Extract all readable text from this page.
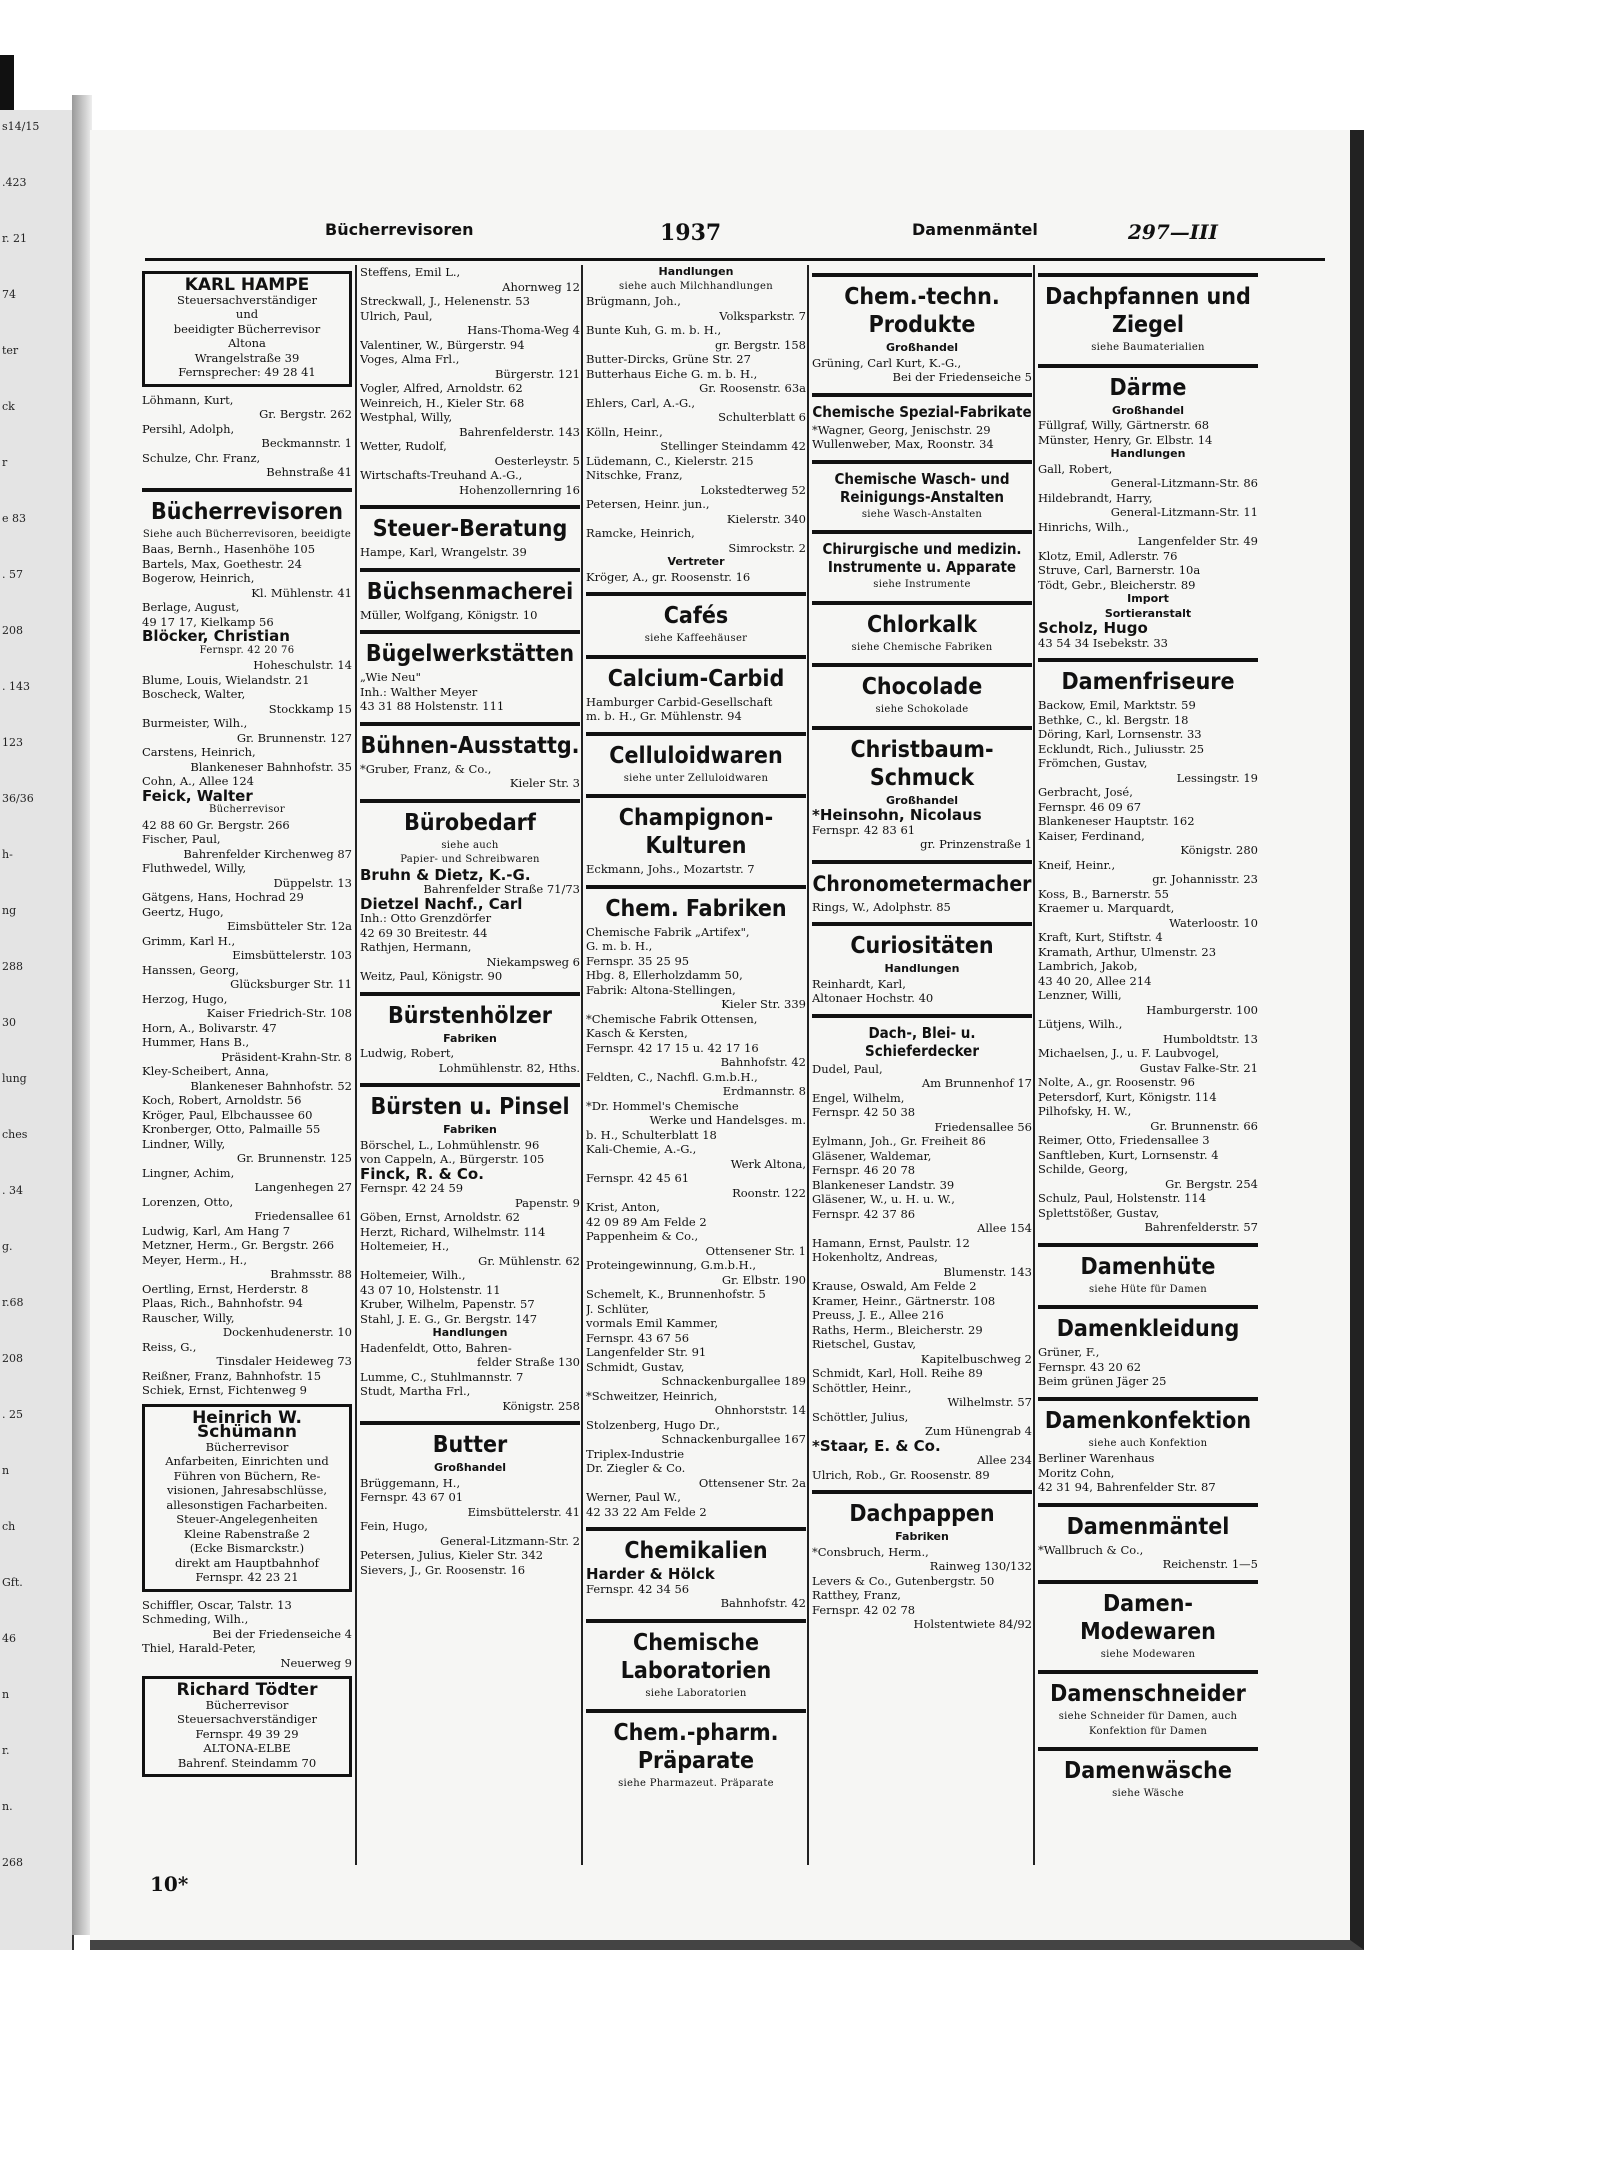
s14/15
.423
r. 21
74
ter
ck
r
e 83
. 57
208
. 143
123
36/36
h-
ng
288
30
lung
ches
. 34
g.
r.68
208
. 25
n
ch
Gft.
46
n
r.
n.
268
Bücherrevisoren	1937	Damenmäntel	297—III
KARL HAMPE
Steuersachverständiger
und
beeidigter Bücherrevisor
Altona
Wrangelstraße 39
Fernsprecher: 49 28 41
Löhmann, Kurt,
Gr. Bergstr. 262
Persihl, Adolph,
Beckmannstr. 1
Schulze, Chr. Franz,
Behnstraße 41
Bücherrevisoren
Siehe auch Bücherrevisoren, beeidigte
Baas, Bernh., Hasenhöhe 105
Bartels, Max, Goethestr. 24
Bogerow, Heinrich,
Kl. Mühlenstr. 41
Berlage, August,
49 17 17, Kielkamp 56
Blöcker, Christian
Fernspr. 42 20 76
Hoheschulstr. 14
Blume, Louis, Wielandstr. 21
Boscheck, Walter,
Stockkamp 15
Burmeister, Wilh.,
Gr. Brunnenstr. 127
Carstens, Heinrich,
Blankeneser Bahnhofstr. 35
Cohn, A., Allee 124
Feick, Walter
Bücherrevisor
42 88 60 Gr. Bergstr. 266
Fischer, Paul,
Bahrenfelder Kirchenweg 87
Fluthwedel, Willy,
Düppelstr. 13
Gätgens, Hans, Hochrad 29
Geertz, Hugo,
Eimsbütteler Str. 12a
Grimm, Karl H.,
Eimsbüttelerstr. 103
Hanssen, Georg,
Glücksburger Str. 11
Herzog, Hugo,
Kaiser Friedrich-Str. 108
Horn, A., Bolivarstr. 47
Hummer, Hans B.,
Präsident-Krahn-Str. 8
Kley-Scheibert, Anna,
Blankeneser Bahnhofstr. 52
Koch, Robert, Arnoldstr. 56
Kröger, Paul, Elbchaussee 60
Kronberger, Otto, Palmaille 55
Lindner, Willy,
Gr. Brunnenstr. 125
Lingner, Achim,
Langenhegen 27
Lorenzen, Otto,
Friedensallee 61
Ludwig, Karl, Am Hang 7
Metzner, Herm., Gr. Bergstr. 266
Meyer, Herm., H.,
Brahmsstr. 88
Oertling, Ernst, Herderstr. 8
Plaas, Rich., Bahnhofstr. 94
Rauscher, Willy,
Dockenhudenerstr. 10
Reiss, G.,
Tinsdaler Heideweg 73
Reißner, Franz, Bahnhofstr. 15
Schiek, Ernst, Fichtenweg 9
Heinrich W. Schümann
Bücherrevisor
Anfarbeiten, Einrichten und
Führen von Büchern, Re-
visionen, Jahresabschlüsse,
allesonstigen Facharbeiten.
Steuer-Angelegenheiten
Kleine Rabenstraße 2
(Ecke Bismarckstr.)
direkt am Hauptbahnhof
Fernspr. 42 23 21
Schiffler, Oscar, Talstr. 13
Schmeding, Wilh.,
Bei der Friedenseiche 4
Thiel, Harald-Peter,
Neuerweg 9
Richard Tödter
Bücherrevisor
Steuersachverständiger
Fernspr. 49 39 29
ALTONA-ELBE
Bahrenf. Steindamm 70
Steffens, Emil L.,
Ahornweg 12
Streckwall, J., Helenenstr. 53
Ulrich, Paul,
Hans-Thoma-Weg 4
Valentiner, W., Bürgerstr. 94
Voges, Alma Frl.,
Bürgerstr. 121
Vogler, Alfred, Arnoldstr. 62
Weinreich, H., Kieler Str. 68
Westphal, Willy,
Bahrenfelderstr. 143
Wetter, Rudolf,
Oesterleystr. 5
Wirtschafts-Treuhand A.-G.,
Hohenzollernring 16
Steuer-Beratung
Hampe, Karl, Wrangelstr. 39
Büchsenmacherei
Müller, Wolfgang, Königstr. 10
Bügelwerkstätten
„Wie Neu"
Inh.: Walther Meyer
43 31 88 Holstenstr. 111
Bühnen-Ausstattg.
*Gruber, Franz, & Co.,
Kieler Str. 3
Bürobedarf
siehe auch
Papier- und Schreibwaren
Bruhn & Dietz, K.-G.
Bahrenfelder Straße 71/73
Dietzel Nachf., Carl
Inh.: Otto Grenzdörfer
42 69 30 Breitestr. 44
Rathjen, Hermann,
Niekampsweg 6
Weitz, Paul, Königstr. 90
Bürstenhölzer
Fabriken
Ludwig, Robert,
Lohmühlenstr. 82, Hths.
Bürsten u. Pinsel
Fabriken
Börschel, L., Lohmühlenstr. 96
von Cappeln, A., Bürgerstr. 105
Finck, R. & Co.
Fernspr. 42 24 59
Papenstr. 9
Göben, Ernst, Arnoldstr. 62
Herzt, Richard, Wilhelmstr. 114
Holtemeier, H.,
Gr. Mühlenstr. 62
Holtemeier, Wilh.,
43 07 10, Holstenstr. 11
Kruber, Wilhelm, Papenstr. 57
Stahl, J. E. G., Gr. Bergstr. 147
Handlungen
Hadenfeldt, Otto, Bahren-
felder Straße 130
Lumme, C., Stuhlmannstr. 7
Studt, Martha Frl.,
Königstr. 258
Butter
Großhandel
Brüggemann, H.,
Fernspr. 43 67 01
Eimsbüttelerstr. 41
Fein, Hugo,
General-Litzmann-Str. 2
Petersen, Julius, Kieler Str. 342
Sievers, J., Gr. Roosenstr. 16
Handlungen
siehe auch Milchhandlungen
Brügmann, Joh.,
Volksparkstr. 7
Bunte Kuh, G. m. b. H.,
gr. Bergstr. 158
Butter-Dircks, Grüne Str. 27
Butterhaus Eiche G. m. b. H.,
Gr. Roosenstr. 63a
Ehlers, Carl, A.-G.,
Schulterblatt 6
Kölln, Heinr.,
Stellinger Steindamm 42
Lüdemann, C., Kielerstr. 215
Nitschke, Franz,
Lokstedterweg 52
Petersen, Heinr. jun.,
Kielerstr. 340
Ramcke, Heinrich,
Simrockstr. 2
Vertreter
Kröger, A., gr. Roosenstr. 16
Cafés
siehe Kaffeehäuser
Calcium-Carbid
Hamburger Carbid-Gesellschaft
m. b. H., Gr. Mühlenstr. 94
Celluloidwaren
siehe unter Zelluloidwaren
Champignon-Kulturen
Eckmann, Johs., Mozartstr. 7
Chem. Fabriken
Chemische Fabrik „Artifex",
G. m. b. H.,
Fernspr. 35 25 95
Hbg. 8, Ellerholzdamm 50,
Fabrik: Altona-Stellingen,
Kieler Str. 339
*Chemische Fabrik Ottensen,
Kasch & Kersten,
Fernspr. 42 17 15 u. 42 17 16
Bahnhofstr. 42
Feldten, C., Nachfl. G.m.b.H.,
Erdmannstr. 8
*Dr. Hommel's Chemische
Werke und Handelsges. m.
b. H., Schulterblatt 18
Kali-Chemie, A.-G.,
Werk Altona,
Fernspr. 42 45 61
Roonstr. 122
Krist, Anton,
42 09 89 Am Felde 2
Pappenheim & Co.,
Ottensener Str. 1
Proteingewinnung, G.m.b.H.,
Gr. Elbstr. 190
Schemelt, K., Brunnenhofstr. 5
J. Schlüter,
vormals Emil Kammer,
Fernspr. 43 67 56
Langenfelder Str. 91
Schmidt, Gustav,
Schnackenburgallee 189
*Schweitzer, Heinrich,
Ohnhorststr. 14
Stolzenberg, Hugo Dr.,
Schnackenburgallee 167
Triplex-Industrie
Dr. Ziegler & Co.
Ottensener Str. 2a
Werner, Paul W.,
42 33 22 Am Felde 2
Chemikalien
Harder & Hölck
Fernspr. 42 34 56
Bahnhofstr. 42
Chemische Laboratorien
siehe Laboratorien
Chem.-pharm. Präparate
siehe Pharmazeut. Präparate
Chem.-techn. Produkte
Großhandel
Grüning, Carl Kurt, K.-G.,
Bei der Friedenseiche 5
Chemische Spezial-Fabrikate
*Wagner, Georg, Jenischstr. 29
Wullenweber, Max, Roonstr. 34
Chemische Wasch- und Reinigungs-Anstalten
siehe Wasch-Anstalten
Chirurgische und medizin. Instrumente u. Apparate
siehe Instrumente
Chlorkalk
siehe Chemische Fabriken
Chocolade
siehe Schokolade
Christbaum-Schmuck
Großhandel
*Heinsohn, Nicolaus
Fernspr. 42 83 61
gr. Prinzenstraße 1
Chronometermacher
Rings, W., Adolphstr. 85
Curiositäten
Handlungen
Reinhardt, Karl,
Altonaer Hochstr. 40
Dach-, Blei- u. Schieferdecker
Dudel, Paul,
Am Brunnenhof 17
Engel, Wilhelm,
Fernspr. 42 50 38
Friedensallee 56
Eylmann, Joh., Gr. Freiheit 86
Gläsener, Waldemar,
Fernspr. 46 20 78
Blankeneser Landstr. 39
Gläsener, W., u. H. u. W.,
Fernspr. 42 37 86
Allee 154
Hamann, Ernst, Paulstr. 12
Hokenholtz, Andreas,
Blumenstr. 143
Krause, Oswald, Am Felde 2
Kramer, Heinr., Gärtnerstr. 108
Preuss, J. E., Allee 216
Raths, Herm., Bleicherstr. 29
Rietschel, Gustav,
Kapitelbuschweg 2
Schmidt, Karl, Holl. Reihe 89
Schöttler, Heinr.,
Wilhelmstr. 57
Schöttler, Julius,
Zum Hünengrab 4
*Staar, E. & Co.
Allee 234
Ulrich, Rob., Gr. Roosenstr. 89
Dachpappen
Fabriken
*Consbruch, Herm.,
Rainweg 130/132
Levers & Co., Gutenbergstr. 50
Ratthey, Franz,
Fernspr. 42 02 78
Holstentwiete 84/92
Dachpfannen und Ziegel
siehe Baumaterialien
Därme
Großhandel
Füllgraf, Willy, Gärtnerstr. 68
Münster, Henry, Gr. Elbstr. 14
Handlungen
Gall, Robert,
General-Litzmann-Str. 86
Hildebrandt, Harry,
General-Litzmann-Str. 11
Hinrichs, Wilh.,
Langenfelder Str. 49
Klotz, Emil, Adlerstr. 76
Struve, Carl, Barnerstr. 10a
Tödt, Gebr., Bleicherstr. 89
Import
Sortieranstalt
Scholz, Hugo
43 54 34 Isebekstr. 33
Damenfriseure
Backow, Emil, Marktstr. 59
Bethke, C., kl. Bergstr. 18
Döring, Karl, Lornsenstr. 33
Ecklundt, Rich., Juliusstr. 25
Frömchen, Gustav,
Lessingstr. 19
Gerbracht, José,
Fernspr. 46 09 67
Blankeneser Hauptstr. 162
Kaiser, Ferdinand,
Königstr. 280
Kneif, Heinr.,
gr. Johannisstr. 23
Koss, B., Barnerstr. 55
Kraemer u. Marquardt,
Waterloostr. 10
Kraft, Kurt, Stiftstr. 4
Kramath, Arthur, Ulmenstr. 23
Lambrich, Jakob,
43 40 20, Allee 214
Lenzner, Willi,
Hamburgerstr. 100
Lütjens, Wilh.,
Humboldtstr. 13
Michaelsen, J., u. F. Laubvogel,
Gustav Falke-Str. 21
Nolte, A., gr. Roosenstr. 96
Petersdorf, Kurt, Königstr. 114
Pilhofsky, H. W.,
Gr. Brunnenstr. 66
Reimer, Otto, Friedensallee 3
Sanftleben, Kurt, Lornsenstr. 4
Schilde, Georg,
Gr. Bergstr. 254
Schulz, Paul, Holstenstr. 114
Splettstößer, Gustav,
Bahrenfelderstr. 57
Damenhüte
siehe Hüte für Damen
Damenkleidung
Grüner, F.,
Fernspr. 43 20 62
Beim grünen Jäger 25
Damenkonfektion
siehe auch Konfektion
Berliner Warenhaus
Moritz Cohn,
42 31 94, Bahrenfelder Str. 87
Damenmäntel
*Wallbruch & Co.,
Reichenstr. 1—5
Damen-Modewaren
siehe Modewaren
Damenschneider
siehe Schneider für Damen, auch Konfektion für Damen
Damenwäsche
siehe Wäsche
10*
